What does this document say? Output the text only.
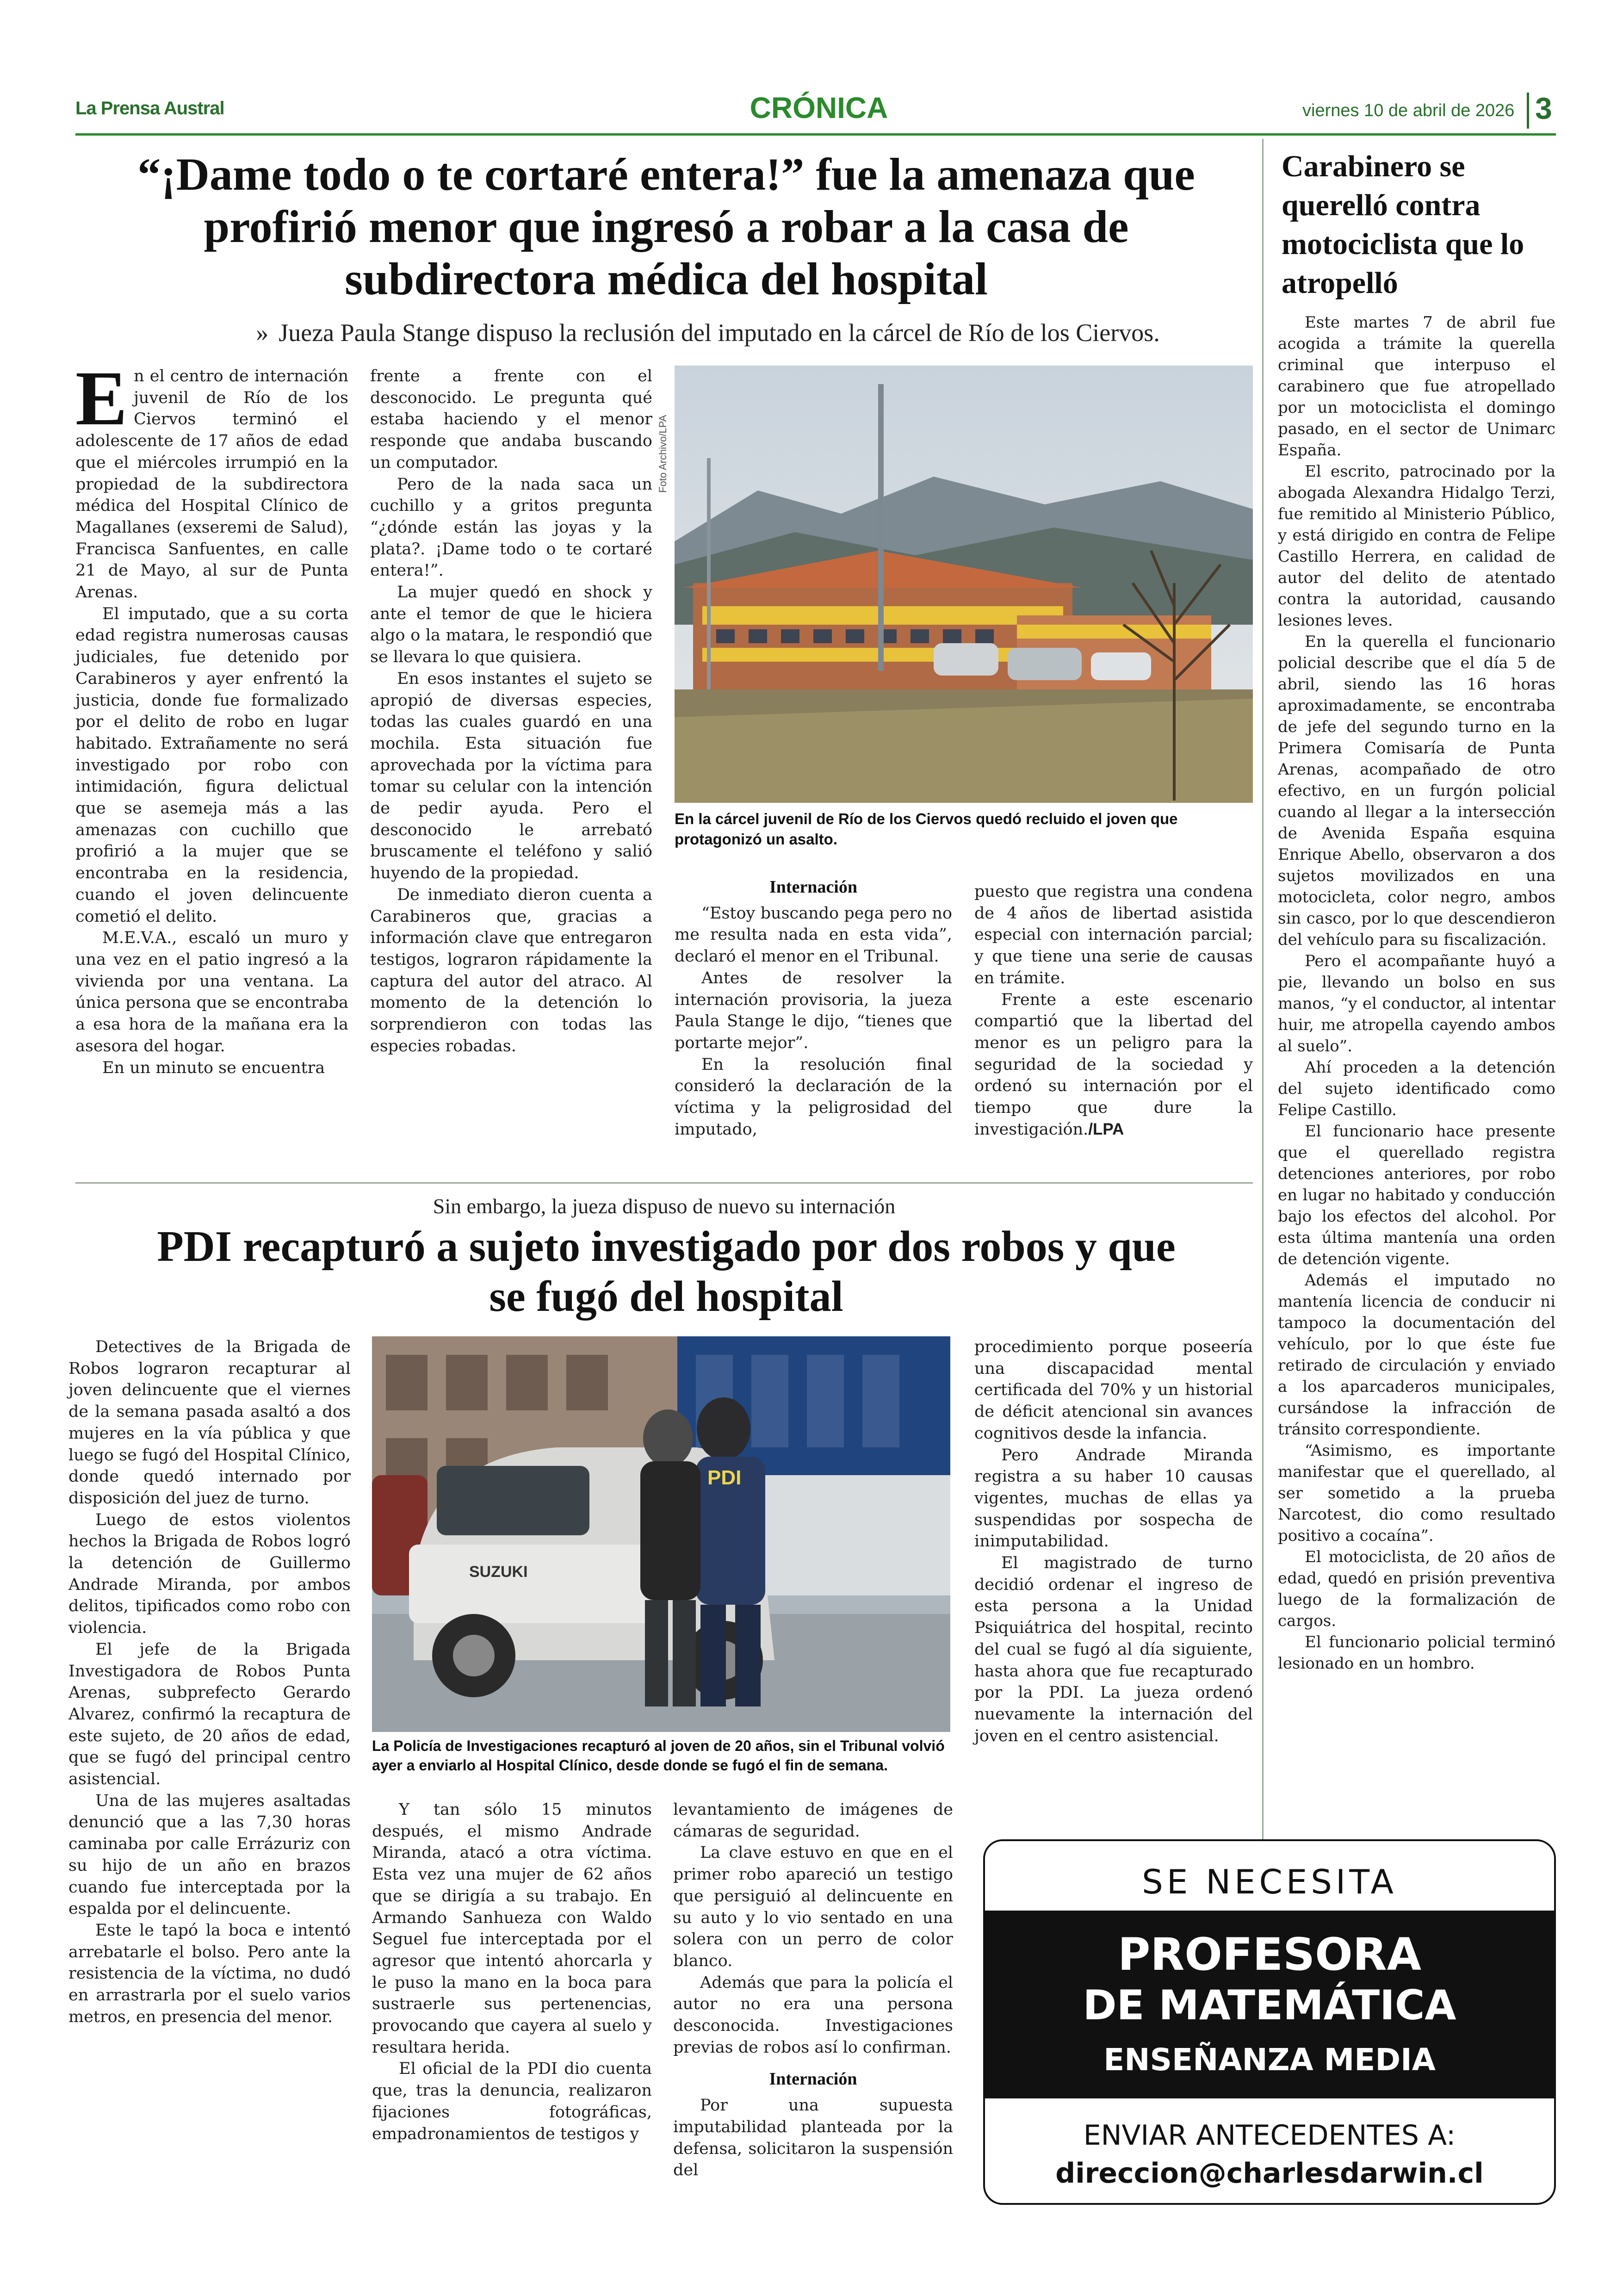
La Prensa Austral	CRÓNICA	viernes 10 de abril de 2026 3
“¡Dame todo o te cortaré entera!” fue la amenaza que profirió menor que ingresó a robar a la casa de subdirectora médica del hospital
» Jueza Paula Stange dispuso la reclusión del imputado en la cárcel de Río de los Ciervos.

En el centro de internación juvenil de Río de los Ciervos terminó el adolescente de 17 años de edad que el miércoles irrumpió en la propiedad de la subdirectora médica del Hospital Clínico de Magallanes (exseremi de Salud), Francisca Sanfuentes, en calle 21 de Mayo, al sur de Punta Arenas.

El imputado, que a su corta edad registra numerosas causas judiciales, fue detenido por Carabineros y ayer enfrentó la justicia, donde fue formalizado por el delito de robo en lugar habitado. Extrañamente no será investigado por robo con intimidación, figura delictual que se asemeja más a las amenazas con cuchillo que profirió a la mujer que se encontraba en la residencia, cuando el joven delincuente cometió el delito.

M.E.V.A., escaló un muro y una vez en el patio ingresó a la vivienda por una ventana. La única persona que se encontraba a esa hora de la mañana era la asesora del hogar.

En un minuto se encuentra

frente a frente con el desconocido. Le pregunta qué estaba haciendo y el menor responde que andaba buscando un computador.

Pero de la nada saca un cuchillo y a gritos pregunta “¿dónde están las joyas y la plata?. ¡Dame todo o te cortaré entera!”.

La mujer quedó en shock y ante el temor de que le hiciera algo o la matara, le respondió que se llevara lo que quisiera.

En esos instantes el sujeto se apropió de diversas especies, todas las cuales guardó en una mochila. Esta situación fue aprovechada por la víctima para tomar su celular con la intención de pedir ayuda. Pero el desconocido le arrebató bruscamente el teléfono y salió huyendo de la propiedad.

De inmediato dieron cuenta a Carabineros que, gracias a información clave que entregaron testigos, lograron rápidamente la captura del autor del atraco. Al momento de la detención lo sorprendieron con todas las especies robadas.

Foto Archivo/LPA
En la cárcel juvenil de Río de los Ciervos quedó recluido el joven que protagonizó un asalto.
Internación

“Estoy buscando pega pero no me resulta nada en esta vida”, declaró el menor en el Tribunal.

Antes de resolver la internación provisoria, la jueza Paula Stange le dijo, “tienes que portarte mejor”.

En la resolución final consideró la declaración de la víctima y la peligrosidad del imputado,

puesto que registra una condena de 4 años de libertad asistida especial con internación parcial; y que tiene una serie de causas en trámite.

Frente a este escenario compartió que la libertad del menor es un peligro para la seguridad de la sociedad y ordenó su internación por el tiempo que dure la investigación./LPA

Sin embargo, la jueza dispuso de nuevo su internación
PDI recapturó a sujeto investigado por dos robos y que se fugó del hospital

Detectives de la Brigada de Robos lograron recapturar al joven delincuente que el viernes de la semana pasada asaltó a dos mujeres en la vía pública y que luego se fugó del Hospital Clínico, donde quedó internado por disposición del juez de turno.

Luego de estos violentos hechos la Brigada de Robos logró la detención de Guillermo Andrade Miranda, por ambos delitos, tipificados como robo con violencia.

El jefe de la Brigada Investigadora de Robos Punta Arenas, subprefecto Gerardo Alvarez, confirmó la recaptura de este sujeto, de 20 años de edad, que se fugó del principal centro asistencial.

Una de las mujeres asaltadas denunció que a las 7,30 horas caminaba por calle Errázuriz con su hijo de un año en brazos cuando fue interceptada por la espalda por el delincuente.

Este le tapó la boca e intentó arrebatarle el bolso. Pero ante la resistencia de la víctima, no dudó en arrastrarla por el suelo varios metros, en presencia del menor.

SUZUKI
PDI
La Policía de Investigaciones recapturó al joven de 20 años, sin el Tribunal volvió ayer a enviarlo al Hospital Clínico, desde donde se fugó el fin de semana.

Y tan sólo 15 minutos después, el mismo Andrade Miranda, atacó a otra víctima. Esta vez una mujer de 62 años que se dirigía a su trabajo. En Armando Sanhueza con Waldo Seguel fue interceptada por el agresor que intentó ahorcarla y le puso la mano en la boca para sustraerle sus pertenencias, provocando que cayera al suelo y resultara herida.

El oficial de la PDI dio cuenta que, tras la denuncia, realizaron fijaciones fotográficas, empadronamientos de testigos y

levantamiento de imágenes de cámaras de seguridad.

La clave estuvo en que en el primer robo apareció un testigo que persiguió al delincuente en su auto y lo vio sentado en una solera con un perro de color blanco.

Además que para la policía el autor no era una persona desconocida. Investigaciones previas de robos así lo confirman.

Internación

Por una supuesta imputabilidad planteada por la defensa, solicitaron la suspensión del

procedimiento porque poseería una discapacidad mental certificada del 70% y un historial de déficit atencional sin avances cognitivos desde la infancia.

Pero Andrade Miranda registra a su haber 10 causas vigentes, muchas de ellas ya suspendidas por sospecha de inimputabilidad.

El magistrado de turno decidió ordenar el ingreso de esta persona a la Unidad Psiquiátrica del hospital, recinto del cual se fugó al día siguiente, hasta ahora que fue recapturado por la PDI. La jueza ordenó nuevamente la internación del joven en el centro asistencial.

Carabinero se querelló contra motociclista que lo atropelló

Este martes 7 de abril fue acogida a trámite la querella criminal que interpuso el carabinero que fue atropellado por un motociclista el domingo pasado, en el sector de Unimarc España.

El escrito, patrocinado por la abogada Alexandra Hidalgo Terzi, fue remitido al Ministerio Público, y está dirigido en contra de Felipe Castillo Herrera, en calidad de autor del delito de atentado contra la autoridad, causando lesiones leves.

En la querella el funcionario policial describe que el día 5 de abril, siendo las 16 horas aproximadamente, se encontraba de jefe del segundo turno en la Primera Comisaría de Punta Arenas, acompañado de otro efectivo, en un furgón policial cuando al llegar a la intersección de Avenida España esquina Enrique Abello, observaron a dos sujetos movilizados en una motocicleta, color negro, ambos sin casco, por lo que descendieron del vehículo para su fiscalización.

Pero el acompañante huyó a pie, llevando un bolso en sus manos, “y el conductor, al intentar huir, me atropella cayendo ambos al suelo”.

Ahí proceden a la detención del sujeto identificado como Felipe Castillo.

El funcionario hace presente que el querellado registra detenciones anteriores, por robo en lugar no habitado y conducción bajo los efectos del alcohol. Por esta última mantenía una orden de detención vigente.

Además el imputado no mantenía licencia de conducir ni tampoco la documentación del vehículo, por lo que éste fue retirado de circulación y enviado a los aparcaderos municipales, cursándose la infracción de tránsito correspondiente.

“Asimismo, es importante manifestar que el querellado, al ser sometido a la prueba Narcotest, dio como resultado positivo a cocaína”.

El motociclista, de 20 años de edad, quedó en prisión preventiva luego de la formalización de cargos.

El funcionario policial terminó lesionado en un hombro.

SE NECESITA
PROFESORA
DE MATEMÁTICA
ENSEÑANZA MEDIA
ENVIAR ANTECEDENTES A:
direccion@charlesdarwin.cl
